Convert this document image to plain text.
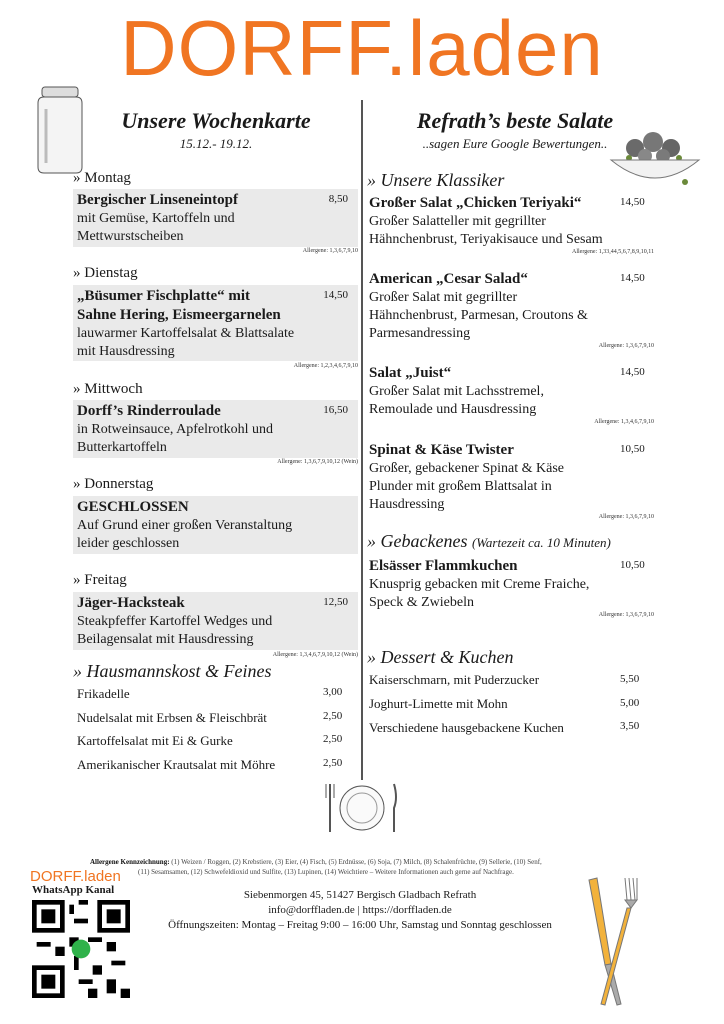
DORFF.laden
Unsere Wochenkarte
15.12.- 19.12.
» Montag
Bergischer Linseneintopf
mit Gemüse, Kartoffeln und
Mettwurstscheiben
8,50
Allergene: 1,3,6,7,9,10
» Dienstag
„Büsumer Fischplatte“ mit
Sahne Hering, Eismeergarnelen
lauwarmer Kartoffelsalat & Blattsalate
mit Hausdressing
14,50
Allergene: 1,2,3,4,6,7,9,10
» Mittwoch
Dorff’s Rinderroulade
in Rotweinsauce, Apfelrotkohl und
Butterkartoffeln
16,50
Allergene: 1,3,6,7,9,10,12 (Wein)
» Donnerstag
GESCHLOSSEN
Auf Grund einer großen Veranstaltung
leider geschlossen
» Freitag
Jäger-Hacksteak
Steakpfeffer Kartoffel Wedges und
Beilagensalat mit Hausdressing
12,50
Allergene: 1,3,4,6,7,9,10,12 (Wein)
» Hausmannskost & Feines
Frikadelle	3,00
Nudelsalat mit Erbsen & Fleischbrät	2,50
Kartoffelsalat mit Ei & Gurke	2,50
Amerikanischer Krautsalat mit Möhre	2,50
Refrath’s beste Salate
..sagen Eure Google Bewertungen..
» Unsere Klassiker
Großer Salat „Chicken Teriyaki“
Großer Salatteller mit gegrillter
Hähnchenbrust, Teriyakisauce und Sesam
Allergene: 1,33,44,5,6,7,8,9,10,11
14,50
American „Cesar Salad“
Großer Salat mit gegrillter
Hähnchenbrust, Parmesan, Croutons &
Parmesandressing
Allergene: 1,3,6,7,9,10
14,50
Salat „Juist“
Großer Salat mit Lachsstremel,
Remoulade und Hausdressing
Allergene: 1,3,4,6,7,9,10
14,50
Spinat & Käse Twister
Großer, gebackener Spinat & Käse
Plunder mit großem Blattsalat in
Hausdressing
Allergene: 1,3,6,7,9,10
10,50
» Gebackenes (Wartezeit ca. 10 Minuten)
Elsässer Flammkuchen
Knusprig gebacken mit Creme Fraiche,
Speck & Zwiebeln
Allergene: 1,3,6,7,9,10
10,50
» Dessert & Kuchen
Kaiserschmarn, mit Puderzucker	5,50
Joghurt-Limette mit Mohn	5,00
Verschiedene hausgebackene Kuchen	3,50
Allergene Kennzeichnung: (1) Weizen / Roggen, (2) Krebstiere, (3) Eier, (4) Fisch, (5) Erdnüsse, (6) Soja, (7) Milch, (8) Schalenfrüchte, (9) Sellerie, (10) Senf,
(11) Sesamsamen, (12) Schwefeldioxid und Sulfite, (13) Lupinen, (14) Weichtiere – Weitere Informationen auch gerne auf Nachfrage.
DORFF.laden
WhatsApp Kanal	Siebenmorgen 45, 51427 Bergisch Gladbach Refrath
info@dorffladen.de | https://dorffladen.de
Öffnungszeiten: Montag – Freitag 9:00 – 16:00 Uhr, Samstag und Sonntag geschlossen
